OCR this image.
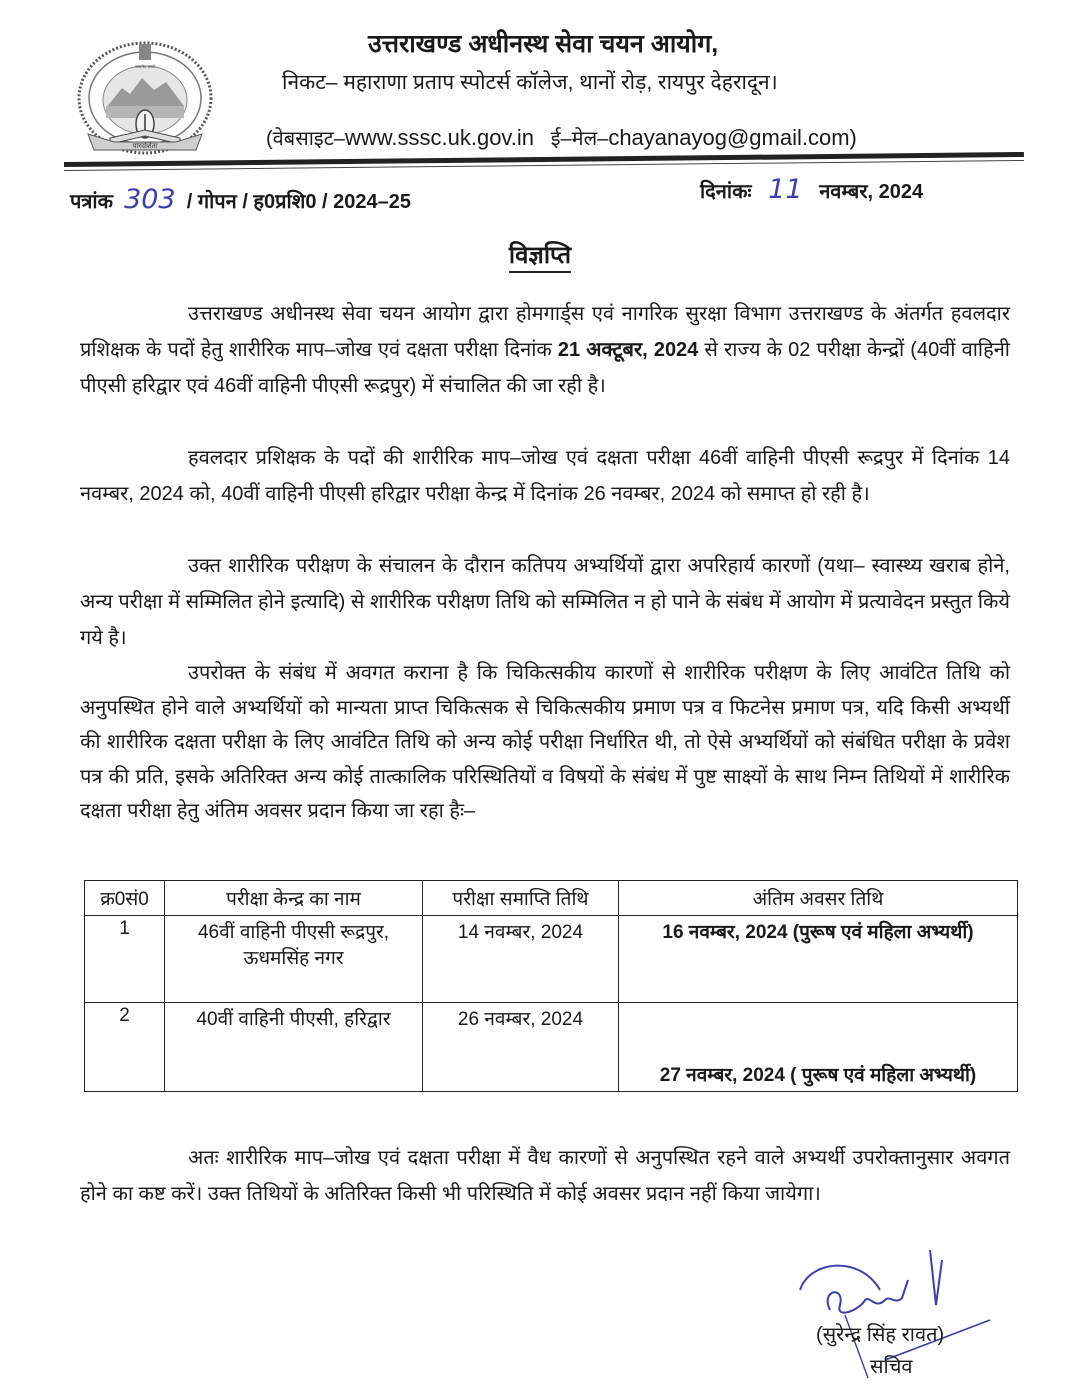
पारदर्शिता
सत्यमेव जयते
उत्तराखण्ड अधीनस्थ सेवा चयन आयोग,
निकट– महाराणा प्रताप स्पोटर्स कॉलेज, थानों रोड़, रायपुर देहरादून।
(वेबसाइट–www.sssc.uk.gov.in ई–मेल–chayanayog@gmail.com)
पत्रांक 303 / गोपन / ह0प्रशि0 / 2024–25	दिनांकः 11 नवम्बर, 2024
विज्ञप्ति
उत्तराखण्ड अधीनस्थ सेवा चयन आयोग द्वारा होमगार्ड्स एवं नागरिक सुरक्षा विभाग उत्तराखण्ड के अंतर्गत हवलदार प्रशिक्षक के पदों हेतु शारीरिक माप–जोख एवं दक्षता परीक्षा दिनांक 21 अक्टूबर, 2024 से राज्य के 02 परीक्षा केन्द्रों (40वीं वाहिनी पीएसी हरिद्वार एवं 46वीं वाहिनी पीएसी रूद्रपुर) में संचालित की जा रही है।
हवलदार प्रशिक्षक के पदों की शारीरिक माप–जोख एवं दक्षता परीक्षा 46वीं वाहिनी पीएसी रूद्रपुर में दिनांक 14 नवम्बर, 2024 को, 40वीं वाहिनी पीएसी हरिद्वार परीक्षा केन्द्र में दिनांक 26 नवम्बर, 2024 को समाप्त हो रही है।
उक्त शारीरिक परीक्षण के संचालन के दौरान कतिपय अभ्यर्थियों द्वारा अपरिहार्य कारणों (यथा– स्वास्थ्य खराब होने, अन्य परीक्षा में सम्मिलित होने इत्यादि) से शारीरिक परीक्षण तिथि को सम्मिलित न हो पाने के संबंध में आयोग में प्रत्यावेदन प्रस्तुत किये गये है।
उपरोक्त के संबंध में अवगत कराना है कि चिकित्सकीय कारणों से शारीरिक परीक्षण के लिए आवंटित तिथि को अनुपस्थित होने वाले अभ्यर्थियों को मान्यता प्राप्त चिकित्सक से चिकित्सकीय प्रमाण पत्र व फिटनेस प्रमाण पत्र, यदि किसी अभ्यर्थी की शारीरिक दक्षता परीक्षा के लिए आवंटित तिथि को अन्य कोई परीक्षा निर्धारित थी, तो ऐसे अभ्यर्थियों को संबंधित परीक्षा के प्रवेश पत्र की प्रति, इसके अतिरिक्त अन्य कोई तात्कालिक परिस्थितियों व विषयों के संबंध में पुष्ट साक्ष्यों के साथ निम्न तिथियों में शारीरिक दक्षता परीक्षा हेतु अंतिम अवसर प्रदान किया जा रहा हैः–
क्र0सं0	परीक्षा केन्द्र का नाम	परीक्षा समाप्ति तिथि	अंतिम अवसर तिथि
1	46वीं वाहिनी पीएसी रूद्रपुर, ऊधमसिंह नगर	14 नवम्बर, 2024	16 नवम्बर, 2024 (पुरूष एवं महिला अभ्यर्थी)
2	40वीं वाहिनी पीएसी, हरिद्वार	26 नवम्बर, 2024	27 नवम्बर, 2024 ( पुरूष एवं महिला अभ्यर्थी)
अतः शारीरिक माप–जोख एवं दक्षता परीक्षा में वैध कारणों से अनुपस्थित रहने वाले अभ्यर्थी उपरोक्तानुसार अवगत होने का कष्ट करें। उक्त तिथियों के अतिरिक्त किसी भी परिस्थिति में कोई अवसर प्रदान नहीं किया जायेगा।
(सुरेन्द्र सिंह रावत)
सचिव
